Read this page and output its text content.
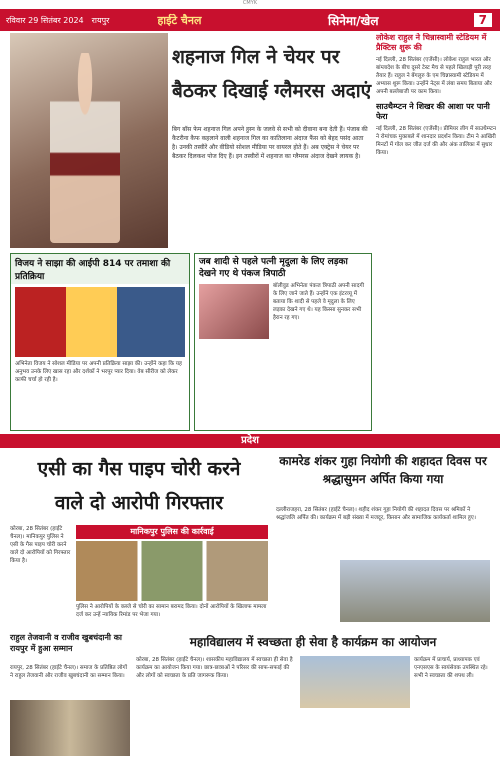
CMYK
रविवार 29 सितंबर 2024 रायपुर	हाईटे चैनल	सिनेमा/खेल	7
शहनाज गिल ने चेयर पर
बैठकर दिखाई ग्लैमरस अदाएं
बिग बॉस फेम शहनाज गिल अपने हुस्न के जलवे से सभी को दीवाना बना देती हैं। पंजाब की कैटरीना कैफ कहलाने वाली शहनाज गिल का कातिलाना अंदाज फैंस को बेहद पसंद आता है। उनकी तस्वीरें और वीडियो सोशल मीडिया पर वायरल होते हैं। अब एक्ट्रेस ने चेयर पर बैठकर दिलकश पोज दिए हैं। इन तस्वीरों में शहनाज का ग्लैमरस अंदाज देखने लायक है।
लोकेश राहुल ने चिन्नास्वामी स्टेडियम में प्रैक्टिस शुरू की

नई दिल्ली, 28 सितंबर (एजेंसी)। लोकेश राहुल भारत और बांग्लादेश के बीच दूसरे टेस्ट मैच से पहले खिलाड़ी पूरी तरह तैयार हैं। राहुल ने बेंगलुरु के एम चिन्नास्वामी स्टेडियम में अभ्यास शुरू किया। उन्होंने नेट्स में लंबा समय बिताया और अपनी बल्लेबाजी पर काम किया।

साउथैम्प्टन ने शिखर की आशा पर पानी फेरा

नई दिल्ली, 28 सितंबर (एजेंसी)। प्रीमियर लीग में साउथैम्प्टन ने रोमांचक मुकाबले में शानदार प्रदर्शन किया। टीम ने आखिरी मिनटों में गोल कर जीत दर्ज की और अंक तालिका में सुधार किया।

विजय ने साझा की आईपी 814 पर तमाशा की प्रतिक्रिया

अभिनेता विजय ने सोशल मीडिया पर अपनी प्रतिक्रिया साझा की। उन्होंने कहा कि यह अनुभव उनके लिए खास रहा और दर्शकों ने भरपूर प्यार दिया। वेब सीरीज को लेकर काफी चर्चा हो रही है।

जब शादी से पहले पत्नी मृदुला के लिए लड़का देखने गए थे पंकज त्रिपाठी

बॉलीवुड अभिनेता पंकज त्रिपाठी अपनी सादगी के लिए जाने जाते हैं। उन्होंने एक इंटरव्यू में बताया कि शादी से पहले वे मृदुला के लिए लड़का देखने गए थे। यह किस्सा सुनकर सभी हैरान रह गए।

प्रदेश
एसी का गैस पाइप चोरी करने
वाले दो आरोपी गिरफ्तार
कामरेड शंकर गुहा नियोगी की शहादत दिवस पर श्रद्धासुमन अर्पित किया गया
कोरबा, 28 सितंबर (हाईटे चैनल)। मानिकपुर पुलिस ने एसी के गैस पाइप चोरी करने वाले दो आरोपियों को गिरफ्तार किया है।
मानिकपुर पुलिस की कार्रवाई
पुलिस ने आरोपियों के कब्जे से चोरी का सामान बरामद किया। दोनों आरोपियों के खिलाफ मामला दर्ज कर उन्हें न्यायिक रिमांड पर भेजा गया।
दल्लीराजहरा, 28 सितंबर (हाईटे चैनल)। शहीद शंकर गुहा नियोगी की शहादत दिवस पर श्रमिकों ने श्रद्धांजलि अर्पित की। कार्यक्रम में बड़ी संख्या में मजदूर, किसान और सामाजिक कार्यकर्ता शामिल हुए।
राहुल तेजवानी व राजीव खुबचंदानी का रायपुर में हुआ सम्मान
रायपुर, 28 सितंबर (हाईटे चैनल)। समाज के प्रतिष्ठित लोगों ने राहुल तेजवानी और राजीव खुबचंदानी का सम्मान किया।
महाविद्यालय में स्वच्छता ही सेवा है कार्यक्रम का आयोजन
कोरबा, 28 सितंबर (हाईटे चैनल)। शासकीय महाविद्यालय में स्वच्छता ही सेवा है कार्यक्रम का आयोजन किया गया। छात्र-छात्राओं ने परिसर की साफ-सफाई की और लोगों को स्वच्छता के प्रति जागरूक किया।
कार्यक्रम में प्राचार्य, प्राध्यापक एवं एनएसएस के स्वयंसेवक उपस्थित रहे। सभी ने स्वच्छता की शपथ ली।
